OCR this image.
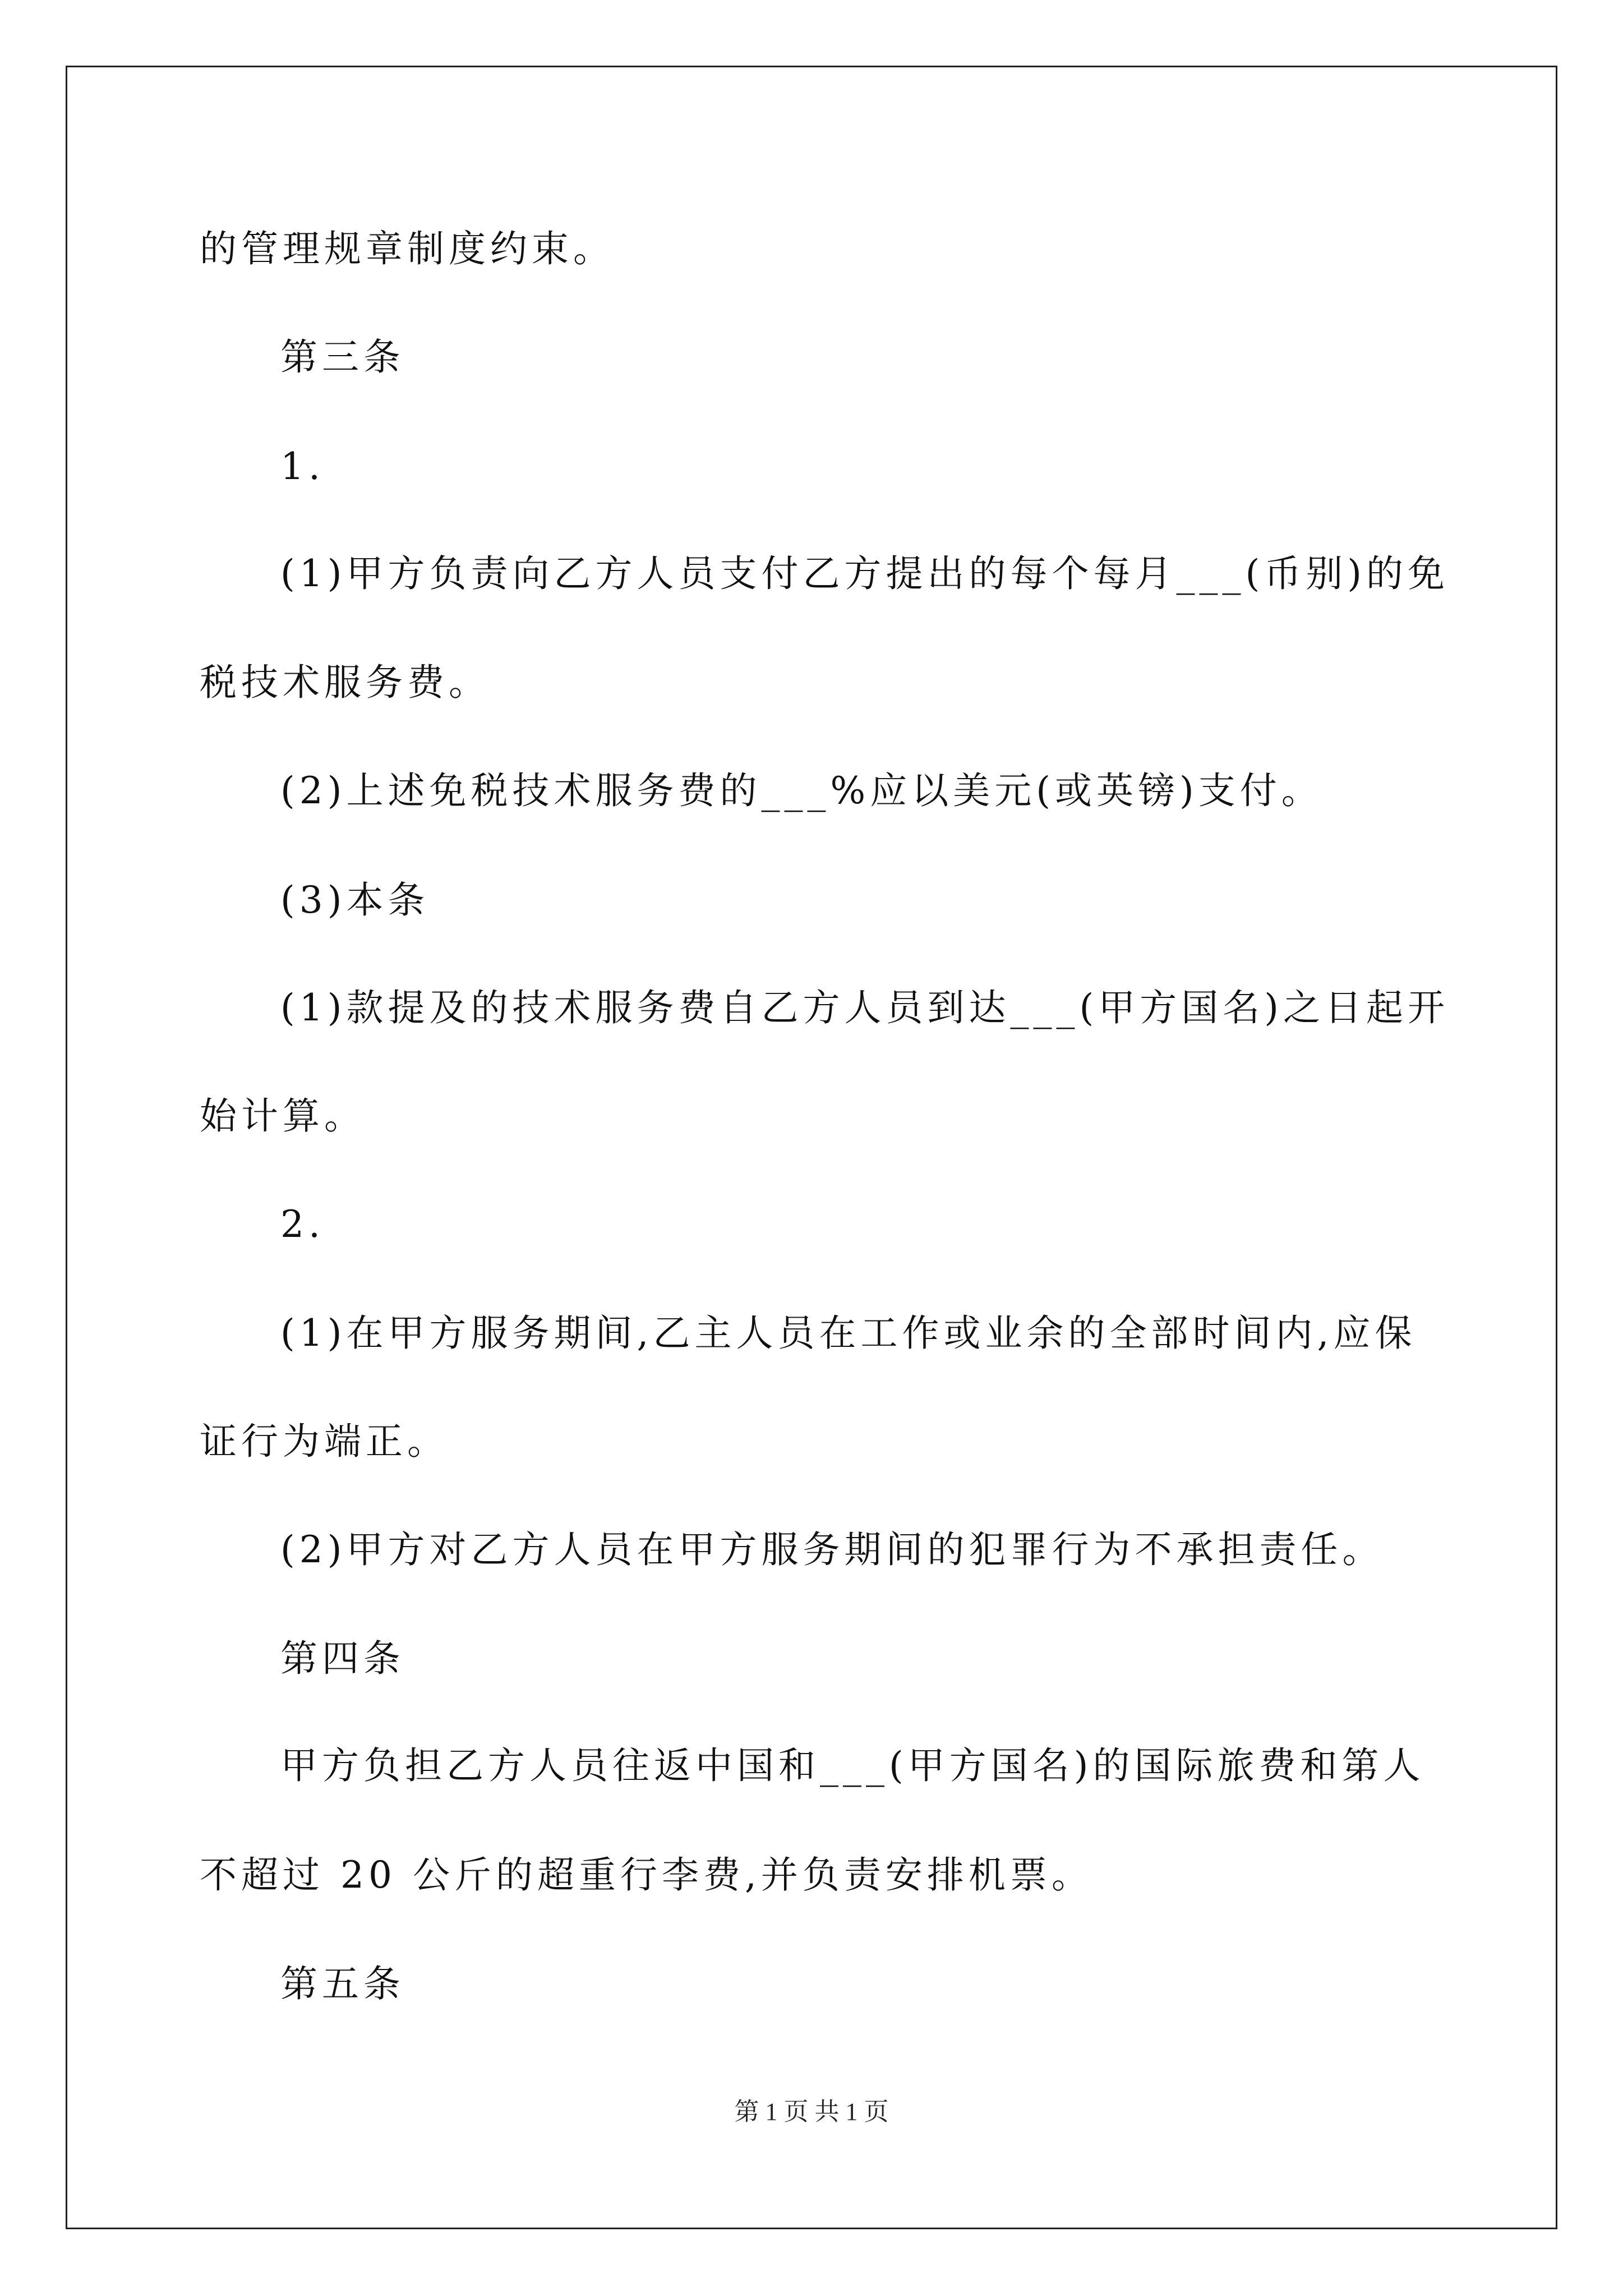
的管理规章制度约束。
第三条
1.
(1)甲方负责向乙方人员支付乙方提出的每个每月___(币别)的免
税技术服务费。
(2)上述免税技术服务费的___%应以美元(或英镑)支付。
(3)本条
(1)款提及的技术服务费自乙方人员到达___(甲方国名)之日起开
始计算。
2.
(1)在甲方服务期间,乙主人员在工作或业余的全部时间内,应保
证行为端正。
(2)甲方对乙方人员在甲方服务期间的犯罪行为不承担责任。
第四条
甲方负担乙方人员往返中国和___(甲方国名)的国际旅费和第人
不超过 20 公斤的超重行李费,并负责安排机票。
第五条
第 1 页 共 1 页
